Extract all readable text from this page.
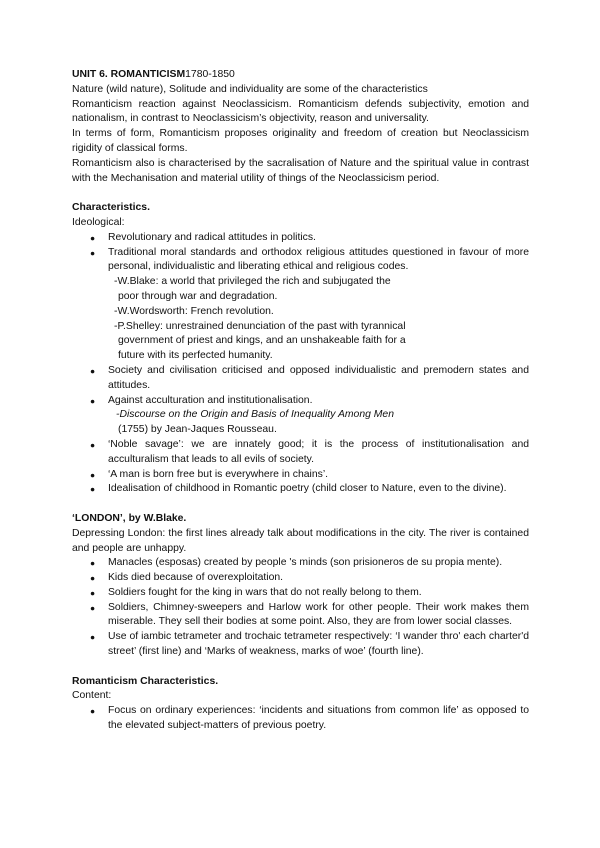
UNIT 6. ROMANTICISM1780-1850

Nature (wild nature), Solitude and individuality are some of the characteristics

Romanticism reaction against Neoclassicism. Romanticism defends subjectivity, emotion and nationalism, in contrast to Neoclassicism’s objectivity, reason and universality.

In terms of form, Romanticism proposes originality and freedom of creation but Neoclassicism rigidity of classical forms.

Romanticism also is characterised by the sacralisation of Nature and the spiritual value in contrast with the Mechanisation and material utility of things of the Neoclassicism period.

Characteristics.

Ideological:

● Revolutionary and radical attitudes in politics.
● Traditional moral standards and orthodox religious attitudes questioned in favour of more personal, individualistic and liberating ethical and religious codes.

-W.Blake: a world that privileged the rich and subjugated the

poor through war and degradation.

-W.Wordsworth: French revolution.

-P.Shelley: unrestrained denunciation of the past with tyrannical

government of priest and kings, and an unshakeable faith for a

future with its perfected humanity.

● Society and civilisation criticised and opposed individualistic and premodern states and attitudes.
● Against acculturation and institutionalisation.

-Discourse on the Origin and Basis of Inequality Among Men

(1755) by Jean-Jaques Rousseau.

● ‘Noble savage’: we are innately good; it is the process of institutionalisation and acculturalism that leads to all evils of society.
● ‘A man is born free but is everywhere in chains’.
● Idealisation of childhood in Romantic poetry (child closer to Nature, even to the divine).

‘LONDON’, by W.Blake.

Depressing London: the first lines already talk about modifications in the city. The river is contained and people are unhappy.

● Manacles (esposas) created by people 's minds (son prisioneros de su propia mente).
● Kids died because of overexploitation.
● Soldiers fought for the king in wars that do not really belong to them.
● Soldiers, Chimney-sweepers and Harlow work for other people. Their work makes them miserable. They sell their bodies at some point. Also, they are from lower social classes.
● Use of iambic tetrameter and trochaic tetrameter respectively: ‘I wander thro' each charter'd street’ (first line) and ‘Marks of weakness, marks of woe’ (fourth line).

Romanticism Characteristics.

Content:

● Focus on ordinary experiences: ‘incidents and situations from common life’ as opposed to the elevated subject-matters of previous poetry.
